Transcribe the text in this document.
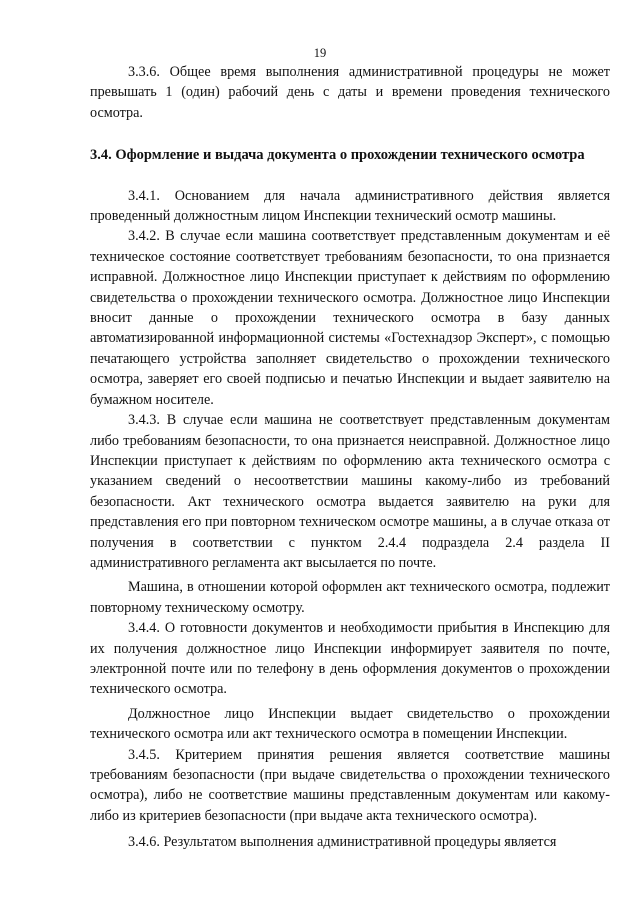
19

3.3.6. Общее время выполнения административной процедуры не может превышать 1 (один) рабочий день с даты и времени проведения технического осмотра.

3.4. Оформление и выдача документа о прохождении технического осмотра

3.4.1. Основанием для начала административного действия является проведенный должностным лицом Инспекции технический осмотр машины.

3.4.2. В случае если машина соответствует представленным документам и её техническое состояние соответствует требованиям безопасности, то она признается исправной. Должностное лицо Инспекции приступает к действиям по оформлению свидетельства о прохождении технического осмотра. Должностное лицо Инспекции вносит данные о прохождении технического осмотра в базу данных автоматизированной информационной системы «Гостехнадзор Эксперт», с помощью печатающего устройства заполняет свидетельство о прохождении технического осмотра, заверяет его своей подписью и печатью Инспекции и выдает заявителю на бумажном носителе.

3.4.3. В случае если машина не соответствует представленным документам либо требованиям безопасности, то она признается неисправной. Должностное лицо Инспекции приступает к действиям по оформлению акта технического осмотра с указанием сведений о несоответствии машины какому-либо из требований безопасности. Акт технического осмотра выдается заявителю на руки для представления его при повторном техническом осмотре машины, а в случае отказа от получения в соответствии с пунктом 2.4.4 подраздела 2.4 раздела II административного регламента акт высылается по почте.

Машина, в отношении которой оформлен акт технического осмотра, подлежит повторному техническому осмотру.

3.4.4. О готовности документов и необходимости прибытия в Инспекцию для их получения должностное лицо Инспекции информирует заявителя по почте, электронной почте или по телефону в день оформления документов о прохождении технического осмотра.

Должностное лицо Инспекции выдает свидетельство о прохождении технического осмотра или акт технического осмотра в помещении Инспекции.

3.4.5. Критерием принятия решения является соответствие машины требованиям безопасности (при выдаче свидетельства о прохождении технического осмотра), либо не соответствие машины представленным документам или какому-либо из критериев безопасности (при выдаче акта технического осмотра).

3.4.6. Результатом выполнения административной процедуры является
